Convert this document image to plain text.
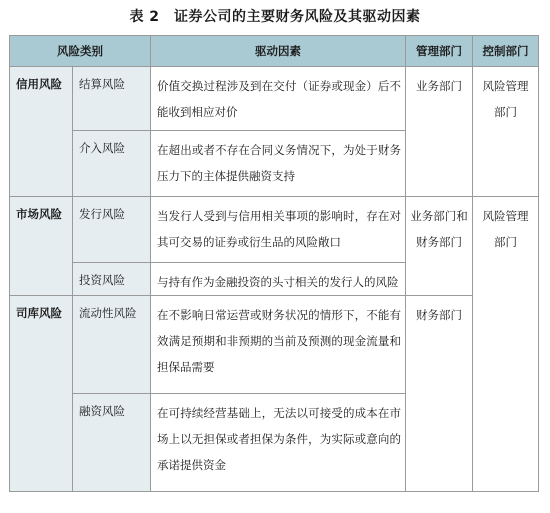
表 2　证券公司的主要财务风险及其驱动因素
风险类别		驱动因素	管理部门	控制部门
信用风险	结算风险	价值交换过程涉及到在交付（证券或现金）后不能收到相应对价	业务部门	风险管理部门
	介入风险	在超出或者不存在合同义务情况下，为处于财务压力下的主体提供融资支持		
市场风险	发行风险	当发行人受到与信用相关事项的影响时，存在对其可交易的证券或衍生品的风险敞口	业务部门和财务部门	风险管理部门
	投资风险	与持有作为金融投资的头寸相关的发行人的风险		
司库风险	流动性风险	在不影响日常运营或财务状况的情形下，不能有效满足预期和非预期的当前及预测的现金流量和担保品需要	财务部门	
	融资风险	在可持续经营基础上，无法以可接受的成本在市场上以无担保或者担保为条件，为实际或意向的承诺提供资金		
